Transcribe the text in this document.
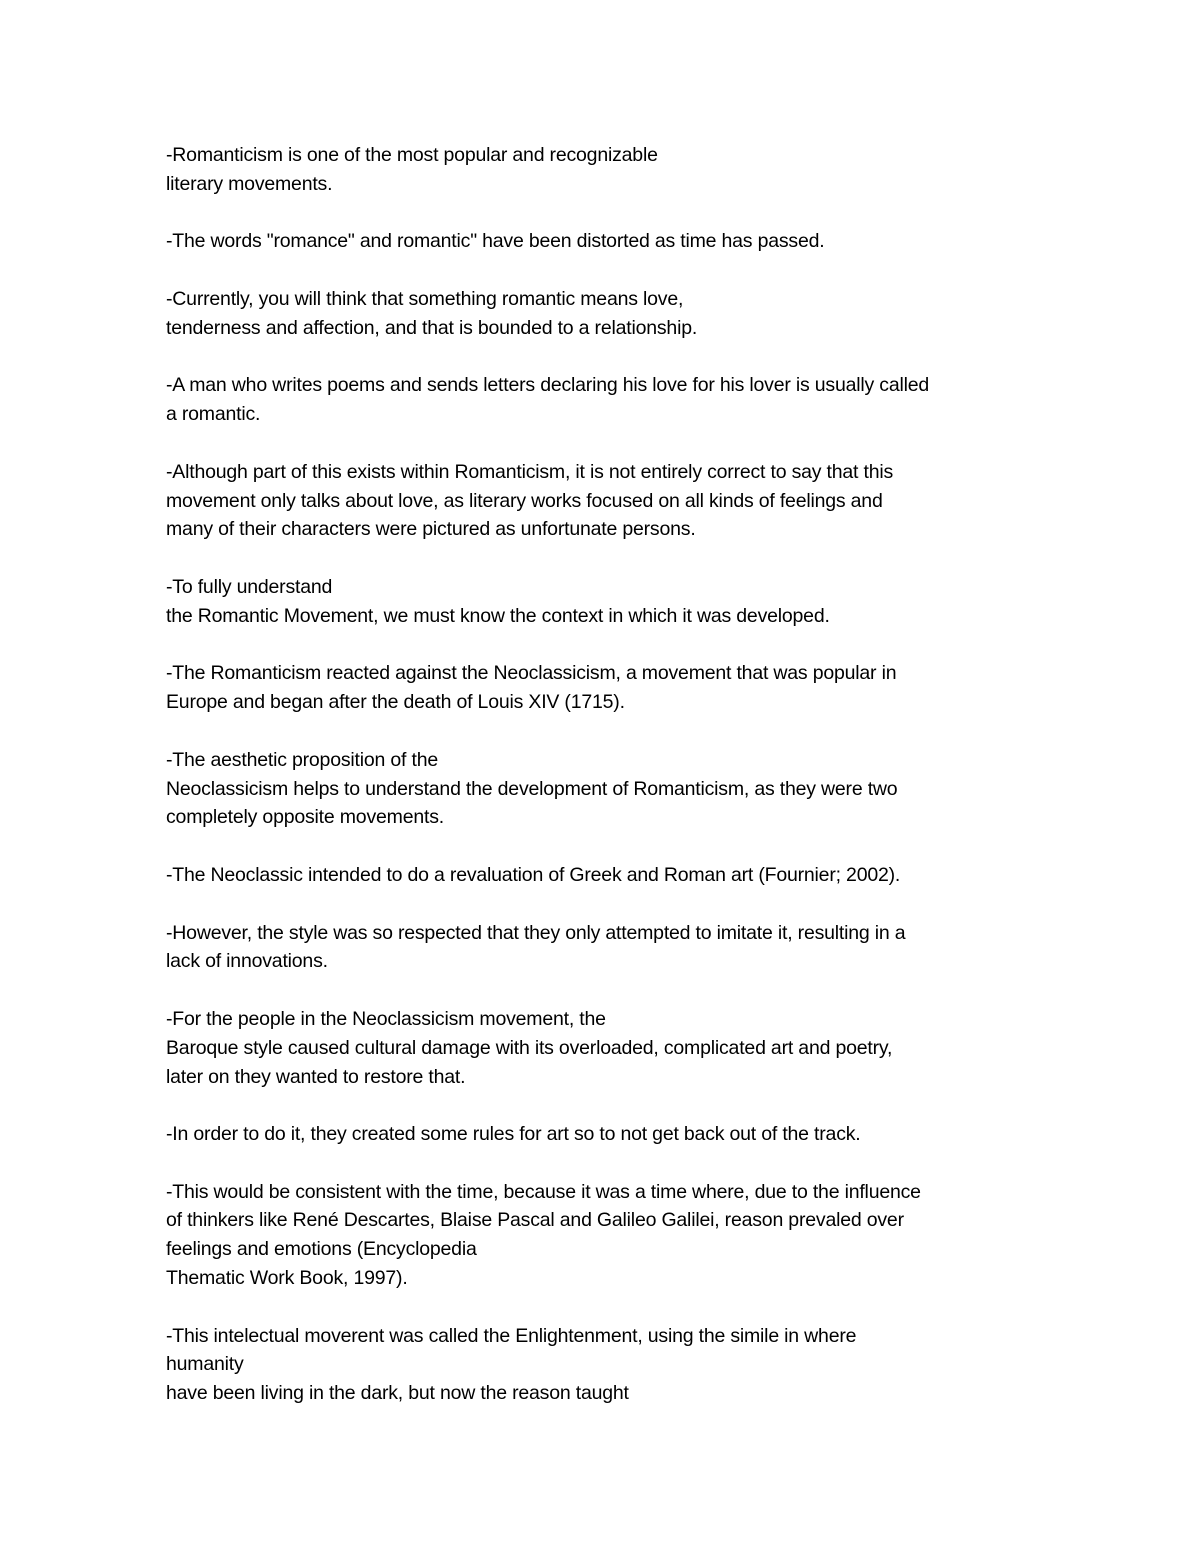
-Romanticism is one of the most popular and recognizable
literary movements.

-The words "romance" and romantic" have been distorted as time has passed.

-Currently, you will think that something romantic means love,
tenderness and affection, and that is bounded to a relationship.

-A man who writes poems and sends letters declaring his love for his lover is usually called
a romantic.

-Although part of this exists within Romanticism, it is not entirely correct to say that this
movement only talks about love, as literary works focused on all kinds of feelings and
many of their characters were pictured as unfortunate persons.

-To fully understand
the Romantic Movement, we must know the context in which it was developed.

-The Romanticism reacted against the Neoclassicism, a movement that was popular in
Europe and began after the death of Louis XIV (1715).

-The aesthetic proposition of the
Neoclassicism helps to understand the development of Romanticism, as they were two
completely opposite movements.

-The Neoclassic intended to do a revaluation of Greek and Roman art (Fournier; 2002).

-However, the style was so respected that they only attempted to imitate it, resulting in a
lack of innovations.

-For the people in the Neoclassicism movement, the
Baroque style caused cultural damage with its overloaded, complicated art and poetry,
later on they wanted to restore that.

-In order to do it, they created some rules for art so to not get back out of the track.

-This would be consistent with the time, because it was a time where, due to the influence
of thinkers like René Descartes, Blaise Pascal and Galileo Galilei, reason prevaled over
feelings and emotions (Encyclopedia
Thematic Work Book, 1997).

-This intelectual moverent was called the Enlightenment, using the simile in where
humanity
have been living in the dark, but now the reason taught
